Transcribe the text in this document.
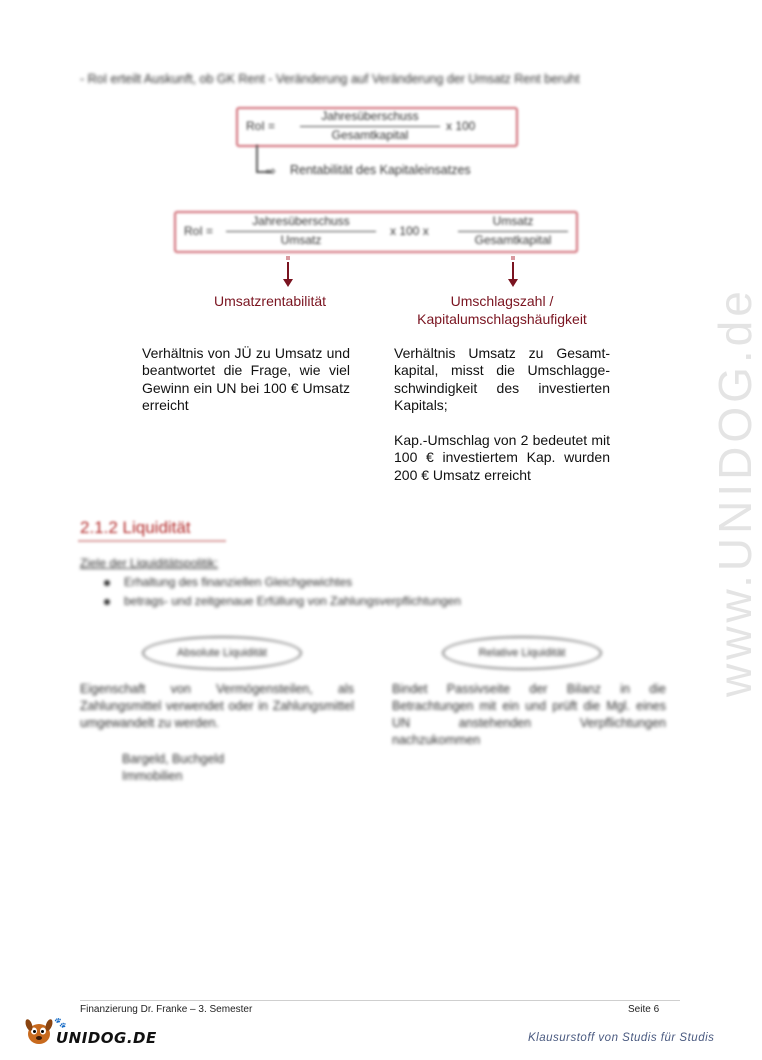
www.UNIDOG.de
- RoI erteilt Auskunft, ob GK Rent - Veränderung auf Veränderung der Umsatz Rent beruht
RoI =
Jahresüberschuss
Gesamtkapital
x 100
⇨ Rentabilität des Kapitaleinsatzes
RoI =
Jahresüberschuss
Umsatz
x 100 x
Umsatz
Gesamtkapital
Umsatzrentabilität	Umschlagszahl /
Kapitalumschlagshäufigkeit
Verhältnis von JÜ zu Umsatz und beantwortet die Frage, wie viel Gewinn ein UN bei 100 € Umsatz erreicht
Verhältnis Umsatz zu Gesamt- kapital, misst die Umschlagge- schwindigkeit des investierten Kapitals;
Kap.-Umschlag von 2 bedeutet mit 100 € investiertem Kap. wurden 200 € Umsatz erreicht
2.1.2 Liquidität
Ziele der Liquiditätspolitik:
Erhaltung des finanziellen Gleichgewichtes
betrags- und zeitgenaue Erfüllung von Zahlungsverpflichtungen
Absolute Liquidität	Relative Liquidität
Eigenschaft von Vermögensteilen, als Zahlungsmittel verwendet oder in Zahlungsmittel umgewandelt zu werden.
Bargeld, Buchgeld
Immobilien
Bindet Passivseite der Bilanz in die Betrachtungen mit ein und prüft die Mgl. eines UN anstehenden Verpflichtungen nachzukommen
Finanzierung Dr. Franke – 3. Semester	Seite 6
🐾
UNIDOG.DE	Klausurstoff von Studis für Studis
